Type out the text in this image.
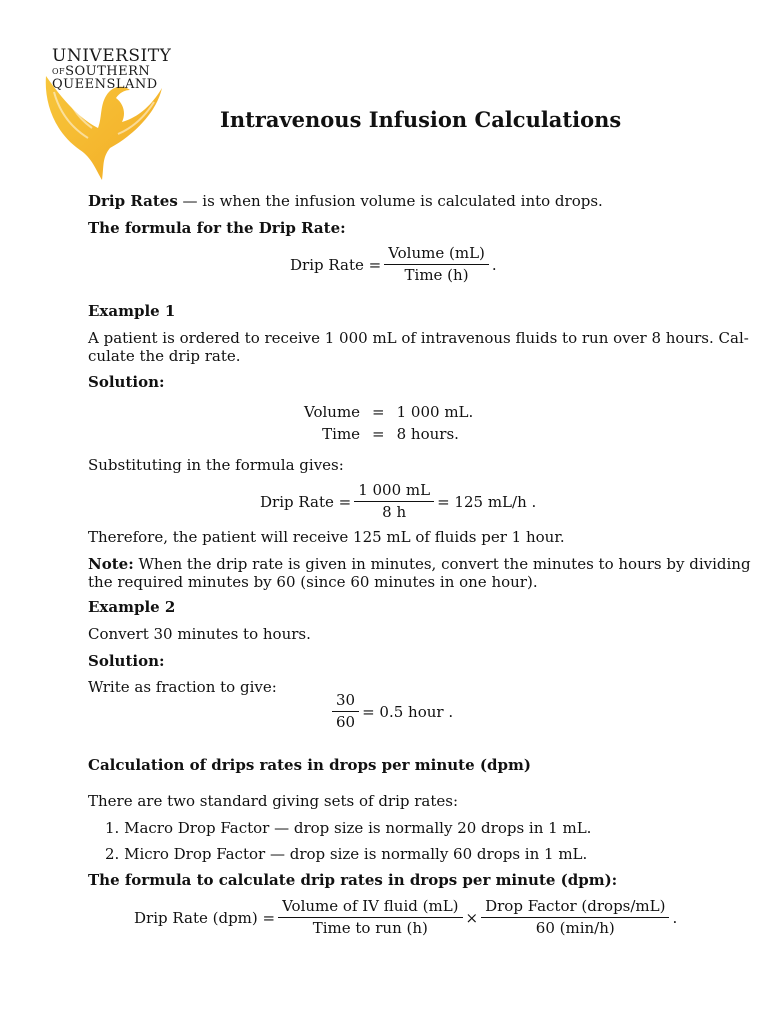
UNIVERSITY
OFSOUTHERN
QUEENSLAND
Intravenous Infusion Calculations
Drip Rates — is when the infusion volume is calculated into drops.
The formula for the Drip Rate:
Drip Rate = $\frac{\text{Volume (mL)}}{\text{Time (h)}}$ .
Example 1
A patient is ordered to receive 1 000 mL of intravenous fluids to run over 8 hours. Cal-
culate the drip rate.
Solution:
Volume	=	1 000 mL.
Time	=	8 hours.
Substituting in the formula gives:
Drip Rate = $\frac{1 000 mL}{8 h} = 125$ mL/h .
Therefore, the patient will receive 125 mL of fluids per 1 hour.
Note: When the drip rate is given in minutes, convert the minutes to hours by dividing
the required minutes by 60 (since 60 minutes in one hour).
Example 2
Convert 30 minutes to hours.
Solution:
Write as fraction to give:
$\frac{30}{60} = 0.5$ hour .
Calculation of drips rates in drops per minute (dpm)
There are two standard giving sets of drip rates:
1. Macro Drop Factor — drop size is normally 20 drops in 1 mL.
2. Micro Drop Factor — drop size is normally 60 drops in 1 mL.
The formula to calculate drip rates in drops per minute (dpm):
Drip Rate $(dpm) = \frac{\text{Volume of IV fluid (mL)}}{\text{Time to run (h)}} \times \frac{\text{Drop Factor (drops/mL)}}{60 (\min/h)}$ .
